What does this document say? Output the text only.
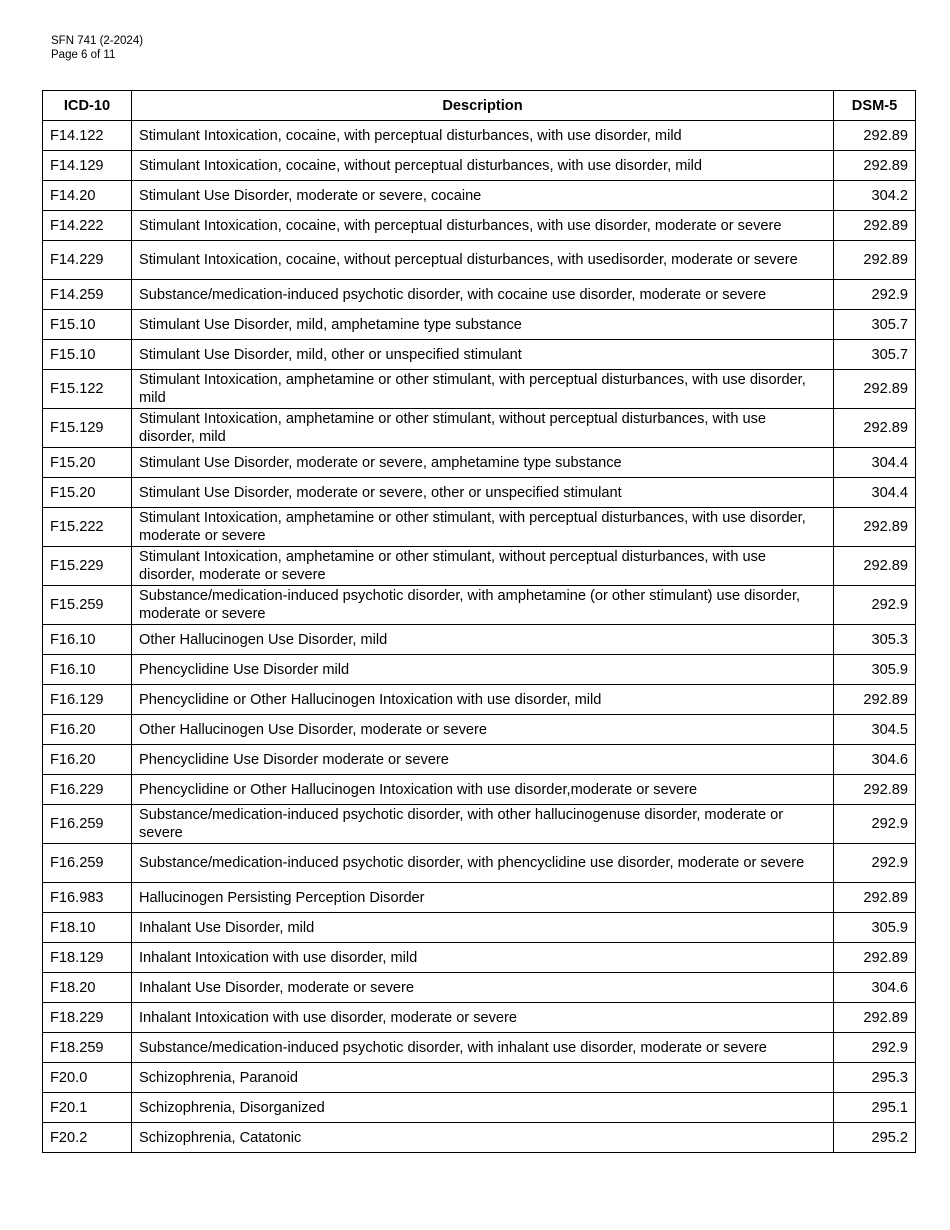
SFN 741 (2-2024)
Page 6 of 11
ICD-10	Description	DSM-5
F14.122	Stimulant Intoxication, cocaine, with perceptual disturbances, with use disorder, mild	292.89
F14.129	Stimulant Intoxication, cocaine, without perceptual disturbances, with use disorder, mild	292.89
F14.20	Stimulant Use Disorder, moderate or severe, cocaine	304.2
F14.222	Stimulant Intoxication, cocaine, with perceptual disturbances, with use disorder, moderate or severe	292.89
F14.229	Stimulant Intoxication, cocaine, without perceptual disturbances, with usedisorder, moderate or severe	292.89
F14.259	Substance/medication-induced psychotic disorder, with cocaine use disorder, moderate or severe	292.9
F15.10	Stimulant Use Disorder, mild, amphetamine type substance	305.7
F15.10	Stimulant Use Disorder, mild, other or unspecified stimulant	305.7
F15.122	Stimulant Intoxication, amphetamine or other stimulant, with perceptual disturbances, with use disorder, mild	292.89
F15.129	Stimulant Intoxication, amphetamine or other stimulant, without perceptual disturbances, with use disorder, mild	292.89
F15.20	Stimulant Use Disorder, moderate or severe, amphetamine type substance	304.4
F15.20	Stimulant Use Disorder, moderate or severe, other or unspecified stimulant	304.4
F15.222	Stimulant Intoxication, amphetamine or other stimulant, with perceptual disturbances, with use disorder, moderate or severe	292.89
F15.229	Stimulant Intoxication, amphetamine or other stimulant, without perceptual disturbances, with use disorder, moderate or severe	292.89
F15.259	Substance/medication-induced psychotic disorder, with amphetamine (or other stimulant) use disorder, moderate or severe	292.9
F16.10	Other Hallucinogen Use Disorder, mild	305.3
F16.10	Phencyclidine Use Disorder mild	305.9
F16.129	Phencyclidine or Other Hallucinogen Intoxication with use disorder, mild	292.89
F16.20	Other Hallucinogen Use Disorder, moderate or severe	304.5
F16.20	Phencyclidine Use Disorder moderate or severe	304.6
F16.229	Phencyclidine or Other Hallucinogen Intoxication with use disorder,moderate or severe	292.89
F16.259	Substance/medication-induced psychotic disorder, with other hallucinogenuse disorder, moderate or severe	292.9
F16.259	Substance/medication-induced psychotic disorder, with phencyclidine use disorder, moderate or severe	292.9
F16.983	Hallucinogen Persisting Perception Disorder	292.89
F18.10	Inhalant Use Disorder, mild	305.9
F18.129	Inhalant Intoxication with use disorder, mild	292.89
F18.20	Inhalant Use Disorder, moderate or severe	304.6
F18.229	Inhalant Intoxication with use disorder, moderate or severe	292.89
F18.259	Substance/medication-induced psychotic disorder, with inhalant use disorder, moderate or severe	292.9
F20.0	Schizophrenia, Paranoid	295.3
F20.1	Schizophrenia, Disorganized	295.1
F20.2	Schizophrenia, Catatonic	295.2
